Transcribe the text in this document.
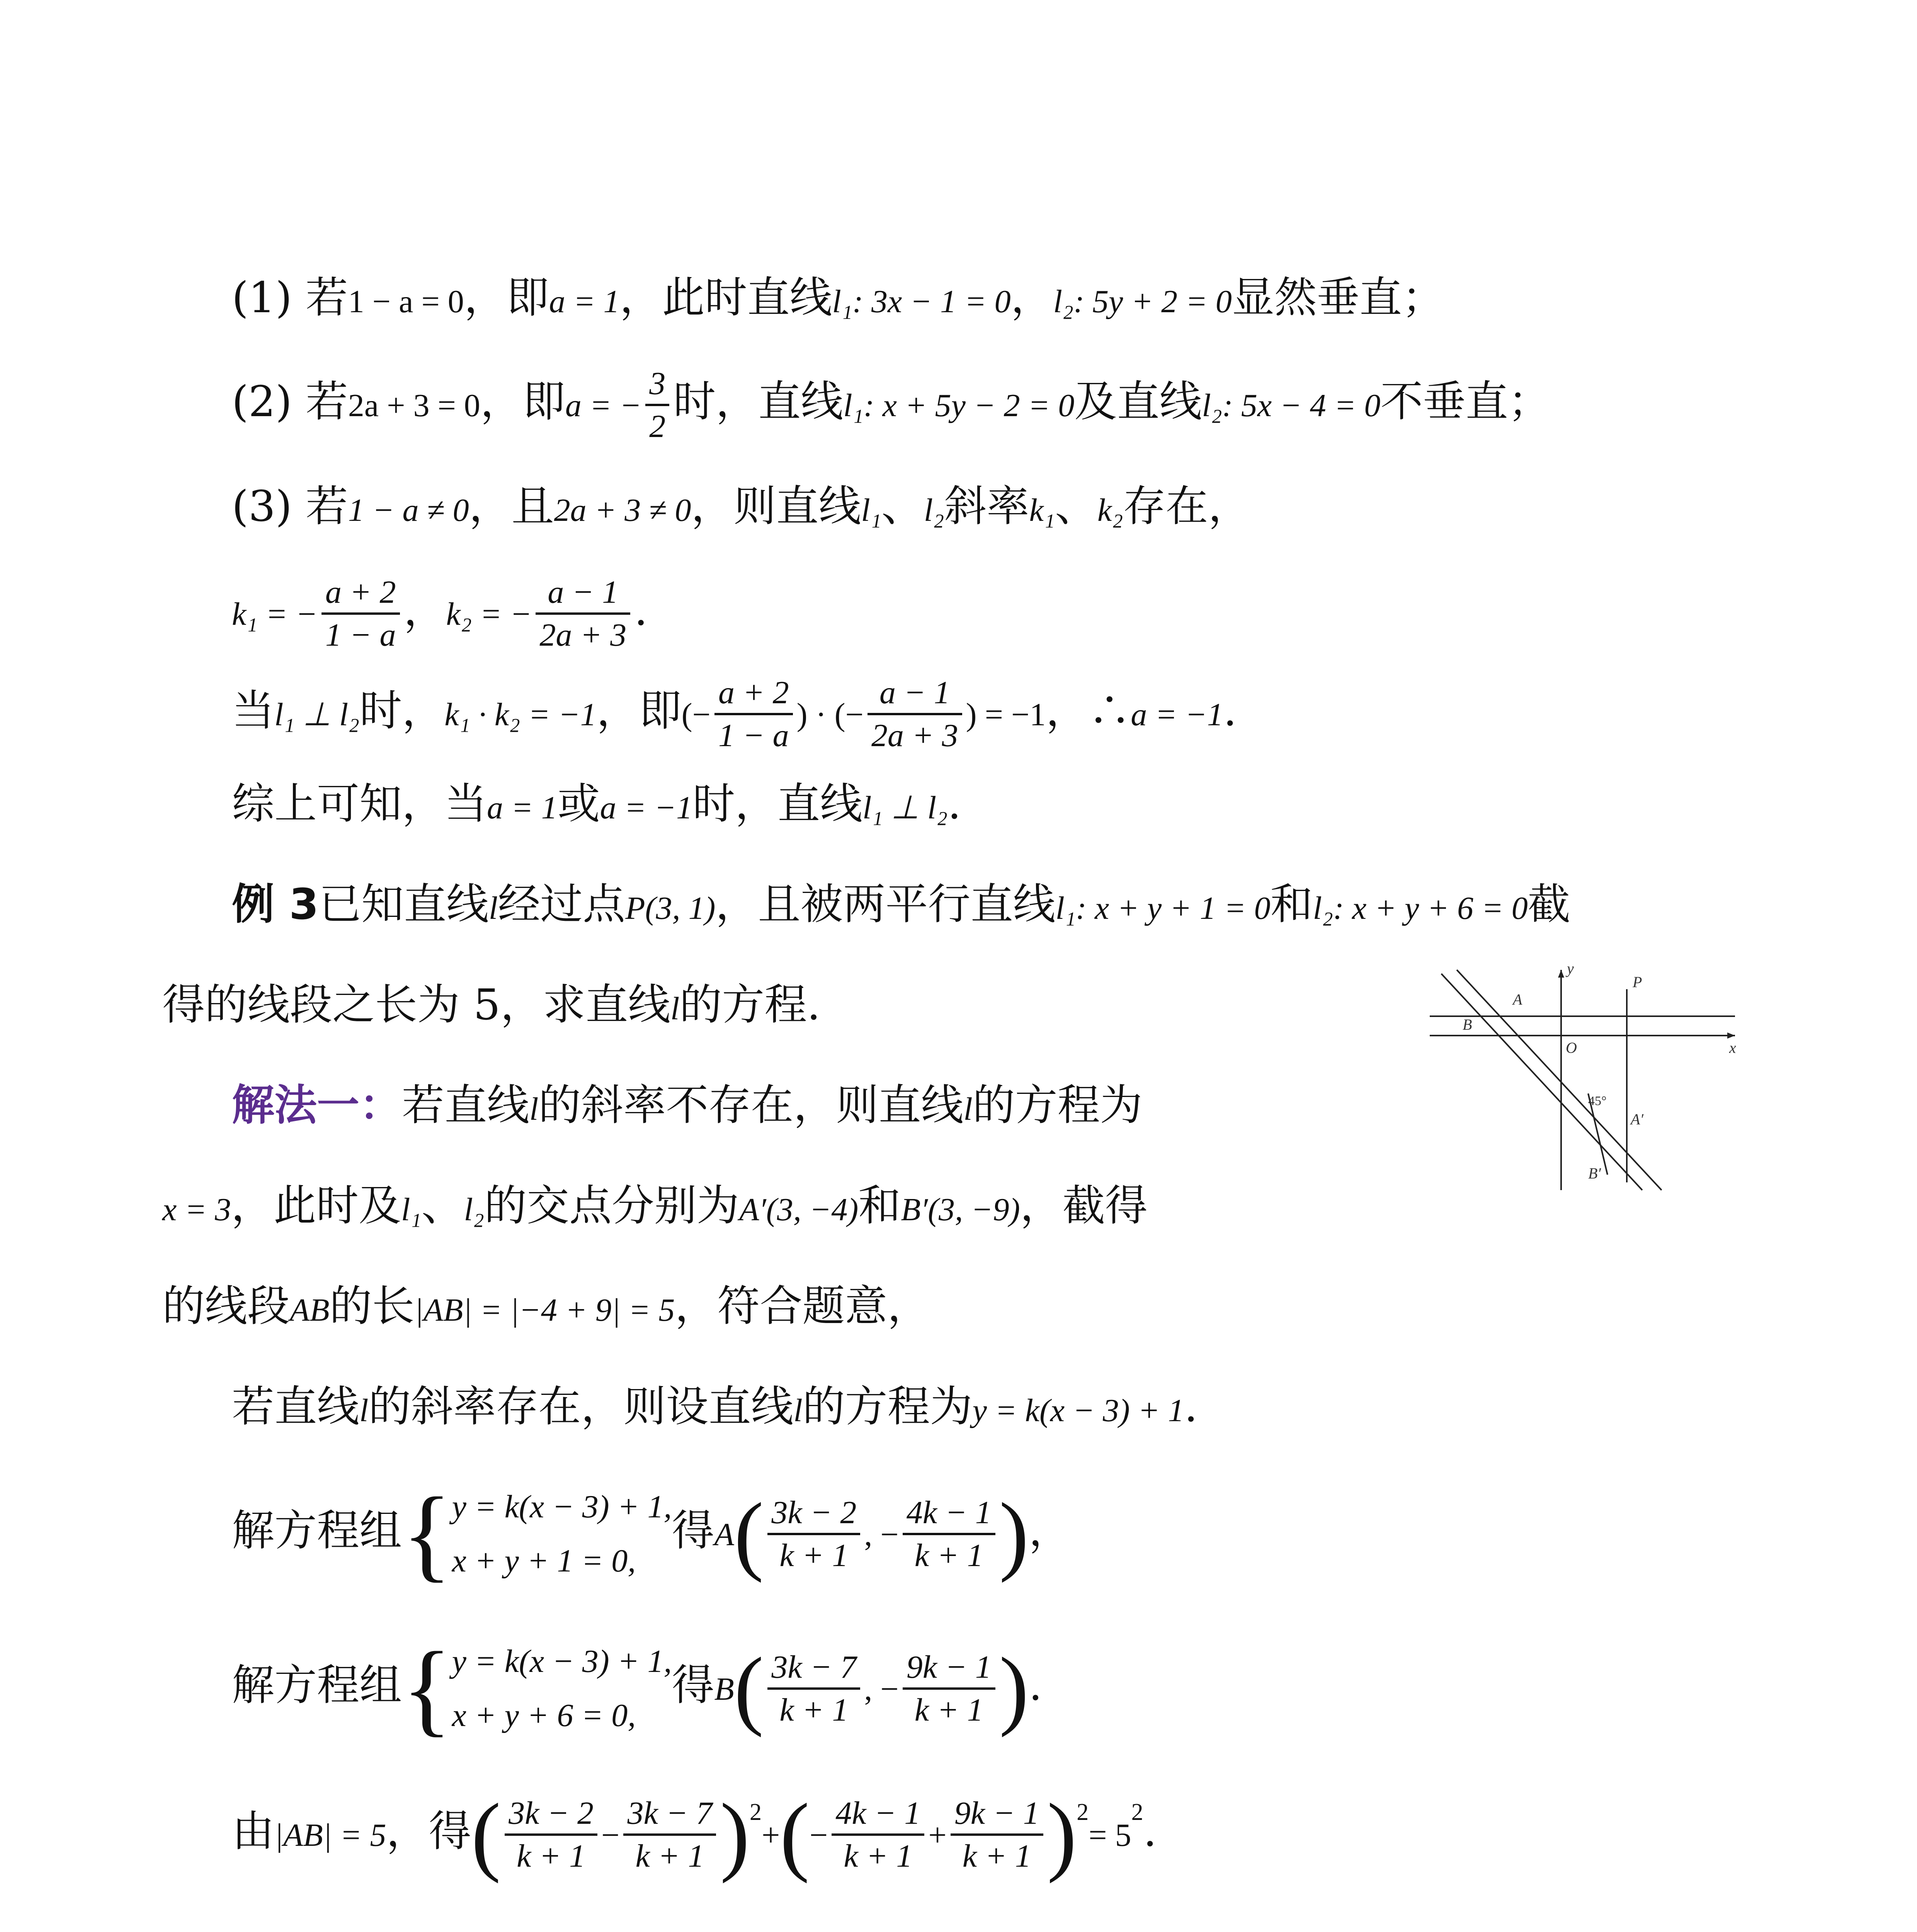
(1) 若1 − a = 0，即a = 1，此时直线l₁: 3x − 1 = 0，l₂: 5y + 2 = 0显然垂直；
(2) 若2a + 3 = 0，即a = − $\frac{3}{2}$ 时，直线l₁: x + 5y − 2 = 0及直线l₂: 5x − 4 = 0不垂直；
(3) 若1 − a ≠ 0，且2a + 3 ≠ 0，则直线l₁、l₂斜率k₁、k₂存在，
k₁ = − $\frac{a + 2}{1 - a}$ ，k₂ = − $\frac{a - 1}{2a + 3}$ .
当l₁ ⊥ l₂时，k₁ · k₂ = −1，即(− $\frac{a + 2}{1 - a}$ ) · (− $\frac{a - 1}{2a + 3}$ ) = −1，∴a = −1.
综上可知，当a = 1或a = −1时，直线l₁ ⊥ l₂.
例 3已知直线l经过点P(3, 1)，且被两平行直线l₁: x + y + 1 = 0和l₂: x + y + 6 = 0截
得的线段之长为 5，求直线l的方程.
y
x
P
A
B
O
45°
A′
B′
解法一：若直线l的斜率不存在，则直线l的方程为
x = 3，此时及l₁、l₂的交点分别为A′(3, −4)和B′(3, −9)，截得
的线段AB的长|AB| = |−4 + 9| = 5，符合题意，
若直线l的斜率存在，则设直线l的方程为y = k(x − 3) + 1.
解方程组{ y = k(x − 3) + 1,
x + y + 1 = 0,
得$A( \frac{3k - 2}{k + 1}$ , − $\frac{4k - 1}{k + 1}$ )，
解方程组{ y = k(x − 3) + 1,
x + y + 6 = 0,
得$B( \frac{3k - 7}{k + 1}$ , − $\frac{9k - 1}{k + 1}$ ).
由|AB| = 5，得( $\frac{3k - 2}{k + 1} - \frac{3k - 7}{k + 1} )^2+(- \frac{4k - 1}{k + 1} + \frac{9k - 1}{k + 1} )^2= 5^2$.
